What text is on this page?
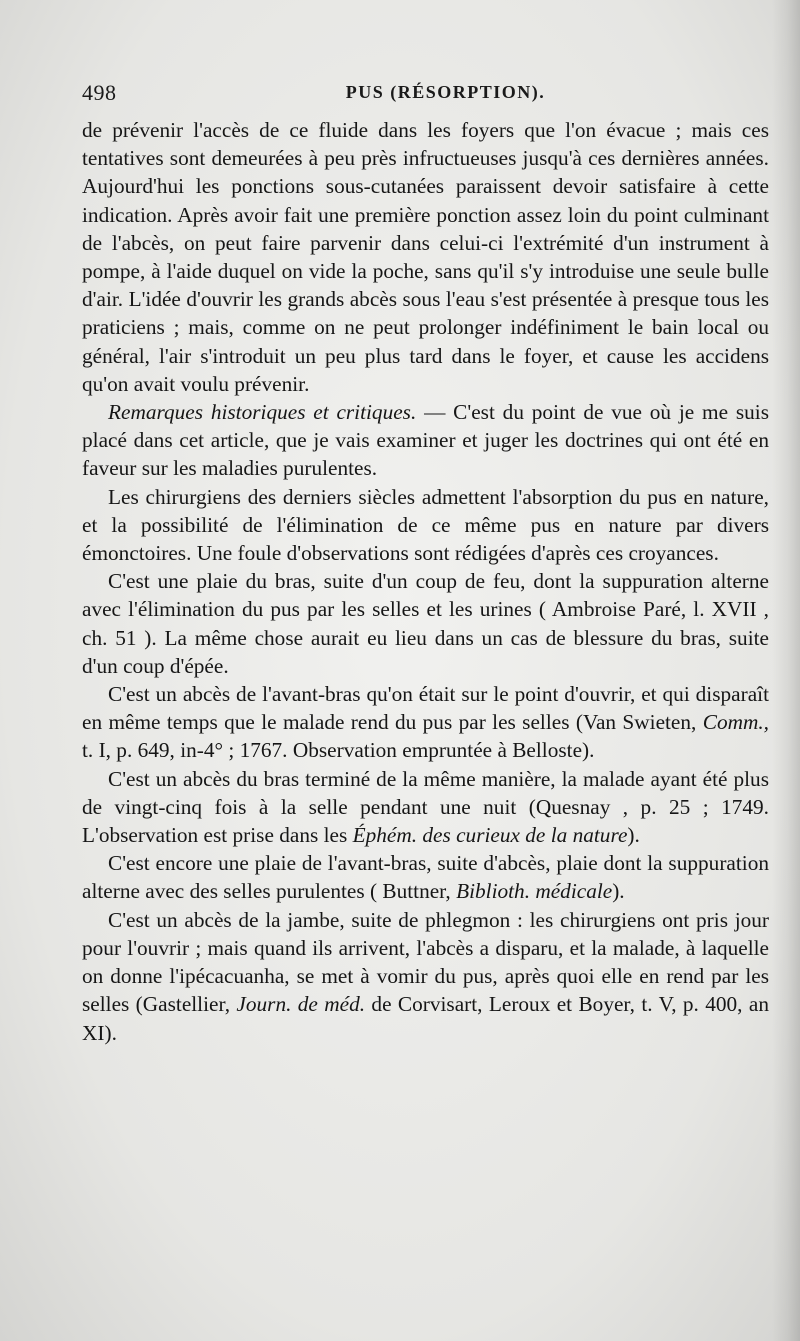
498	PUS (RÉSORPTION).

de prévenir l'accès de ce fluide dans les foyers que l'on évacue ; mais ces tentatives sont demeurées à peu près infructueuses jusqu'à ces dernières années. Aujourd'hui les ponctions sous-cutanées paraissent devoir satisfaire à cette indication. Après avoir fait une première ponction assez loin du point culminant de l'abcès, on peut faire parvenir dans celui-ci l'extrémité d'un instrument à pompe, à l'aide duquel on vide la poche, sans qu'il s'y introduise une seule bulle d'air. L'idée d'ouvrir les grands abcès sous l'eau s'est présentée à presque tous les praticiens ; mais, comme on ne peut prolonger indéfiniment le bain local ou général, l'air s'introduit un peu plus tard dans le foyer, et cause les accidens qu'on avait voulu prévenir.

Remarques historiques et critiques. — C'est du point de vue où je me suis placé dans cet article, que je vais examiner et juger les doctrines qui ont été en faveur sur les maladies purulentes.

Les chirurgiens des derniers siècles admettent l'absorption du pus en nature, et la possibilité de l'élimination de ce même pus en nature par divers émonctoires. Une foule d'observations sont rédigées d'après ces croyances.

C'est une plaie du bras, suite d'un coup de feu, dont la suppuration alterne avec l'élimination du pus par les selles et les urines ( Ambroise Paré, l. XVII , ch. 51 ). La même chose aurait eu lieu dans un cas de blessure du bras, suite d'un coup d'épée.

C'est un abcès de l'avant-bras qu'on était sur le point d'ouvrir, et qui disparaît en même temps que le malade rend du pus par les selles (Van Swieten, Comm., t. I, p. 649, in-4° ; 1767. Observation empruntée à Belloste).

C'est un abcès du bras terminé de la même manière, la malade ayant été plus de vingt-cinq fois à la selle pendant une nuit (Quesnay , p. 25 ; 1749. L'observation est prise dans les Éphém. des curieux de la nature).

C'est encore une plaie de l'avant-bras, suite d'abcès, plaie dont la suppuration alterne avec des selles purulentes ( Buttner, Biblioth. médicale).

C'est un abcès de la jambe, suite de phlegmon : les chirurgiens ont pris jour pour l'ouvrir ; mais quand ils arrivent, l'abcès a disparu, et la malade, à laquelle on donne l'ipécacuanha, se met à vomir du pus, après quoi elle en rend par les selles (Gastellier, Journ. de méd. de Corvisart, Leroux et Boyer, t. V, p. 400, an XI).
